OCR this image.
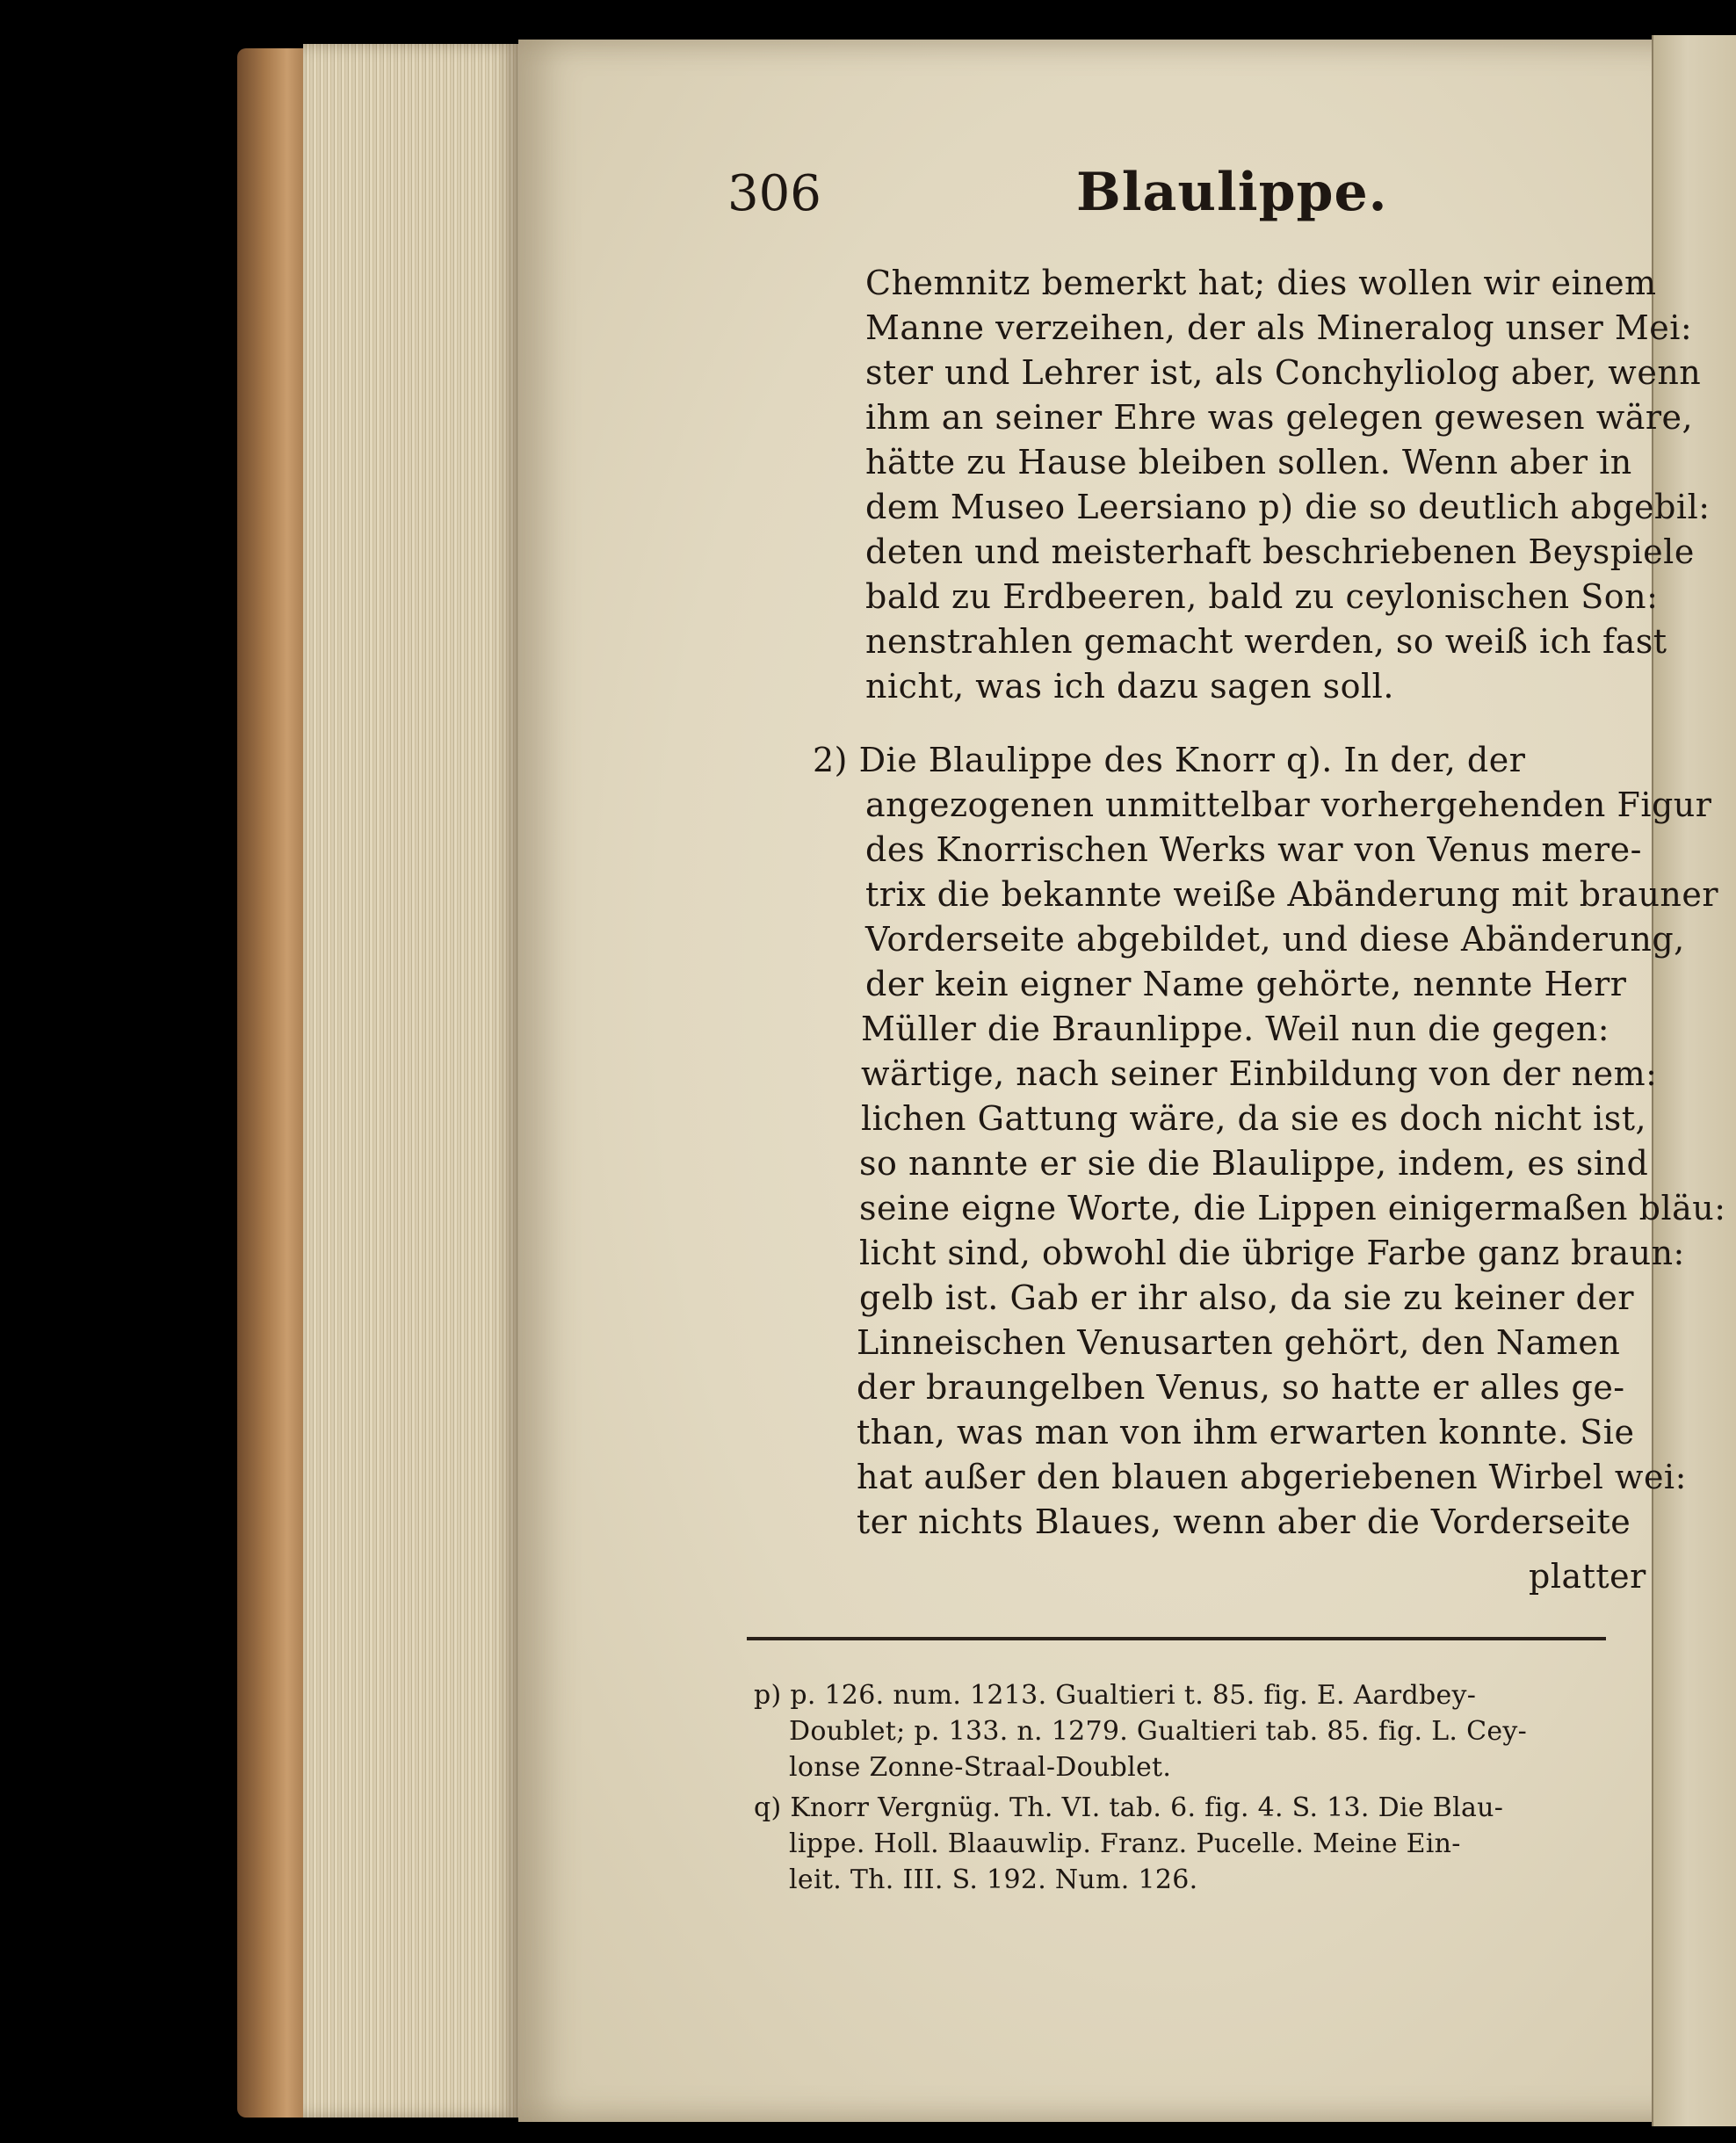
306	Blaulippe.
Chemnitz bemerkt hat; dies wollen wir einem
Manne verzeihen, der als Mineralog unser Mei:
ster und Lehrer ist, als Conchyliolog aber, wenn
ihm an seiner Ehre was gelegen gewesen wäre,
hätte zu Hause bleiben sollen. Wenn aber in
dem Museo Leersiano p) die so deutlich abgebil:
deten und meisterhaft beschriebenen Beyspiele
bald zu Erdbeeren, bald zu ceylonischen Son:
nenstrahlen gemacht werden, so weiß ich fast
nicht, was ich dazu sagen soll.
2) Die Blaulippe des Knorr q). In der, der
angezogenen unmittelbar vorhergehenden Figur
des Knorrischen Werks war von Venus mere-
trix die bekannte weiße Abänderung mit brauner
Vorderseite abgebildet, und diese Abänderung,
der kein eigner Name gehörte, nennte Herr
Müller die Braunlippe. Weil nun die gegen:
wärtige, nach seiner Einbildung von der nem:
lichen Gattung wäre, da sie es doch nicht ist,
so nannte er sie die Blaulippe, indem, es sind
seine eigne Worte, die Lippen einigermaßen bläu:
licht sind, obwohl die übrige Farbe ganz braun:
gelb ist. Gab er ihr also, da sie zu keiner der
Linneischen Venusarten gehört, den Namen
der braungelben Venus, so hatte er alles ge-
than, was man von ihm erwarten konnte. Sie
hat außer den blauen abgeriebenen Wirbel wei:
ter nichts Blaues, wenn aber die Vorderseite
platter
p) p. 126. num. 1213. Gualtieri t. 85. fig. E. Aardbey-
Doublet; p. 133. n. 1279. Gualtieri tab. 85. fig. L. Cey-
lonse Zonne-Straal-Doublet.
q) Knorr Vergnüg. Th. VI. tab. 6. fig. 4. S. 13. Die Blau-
lippe. Holl. Blaauwlip. Franz. Pucelle. Meine Ein-
leit. Th. III. S. 192. Num. 126.
